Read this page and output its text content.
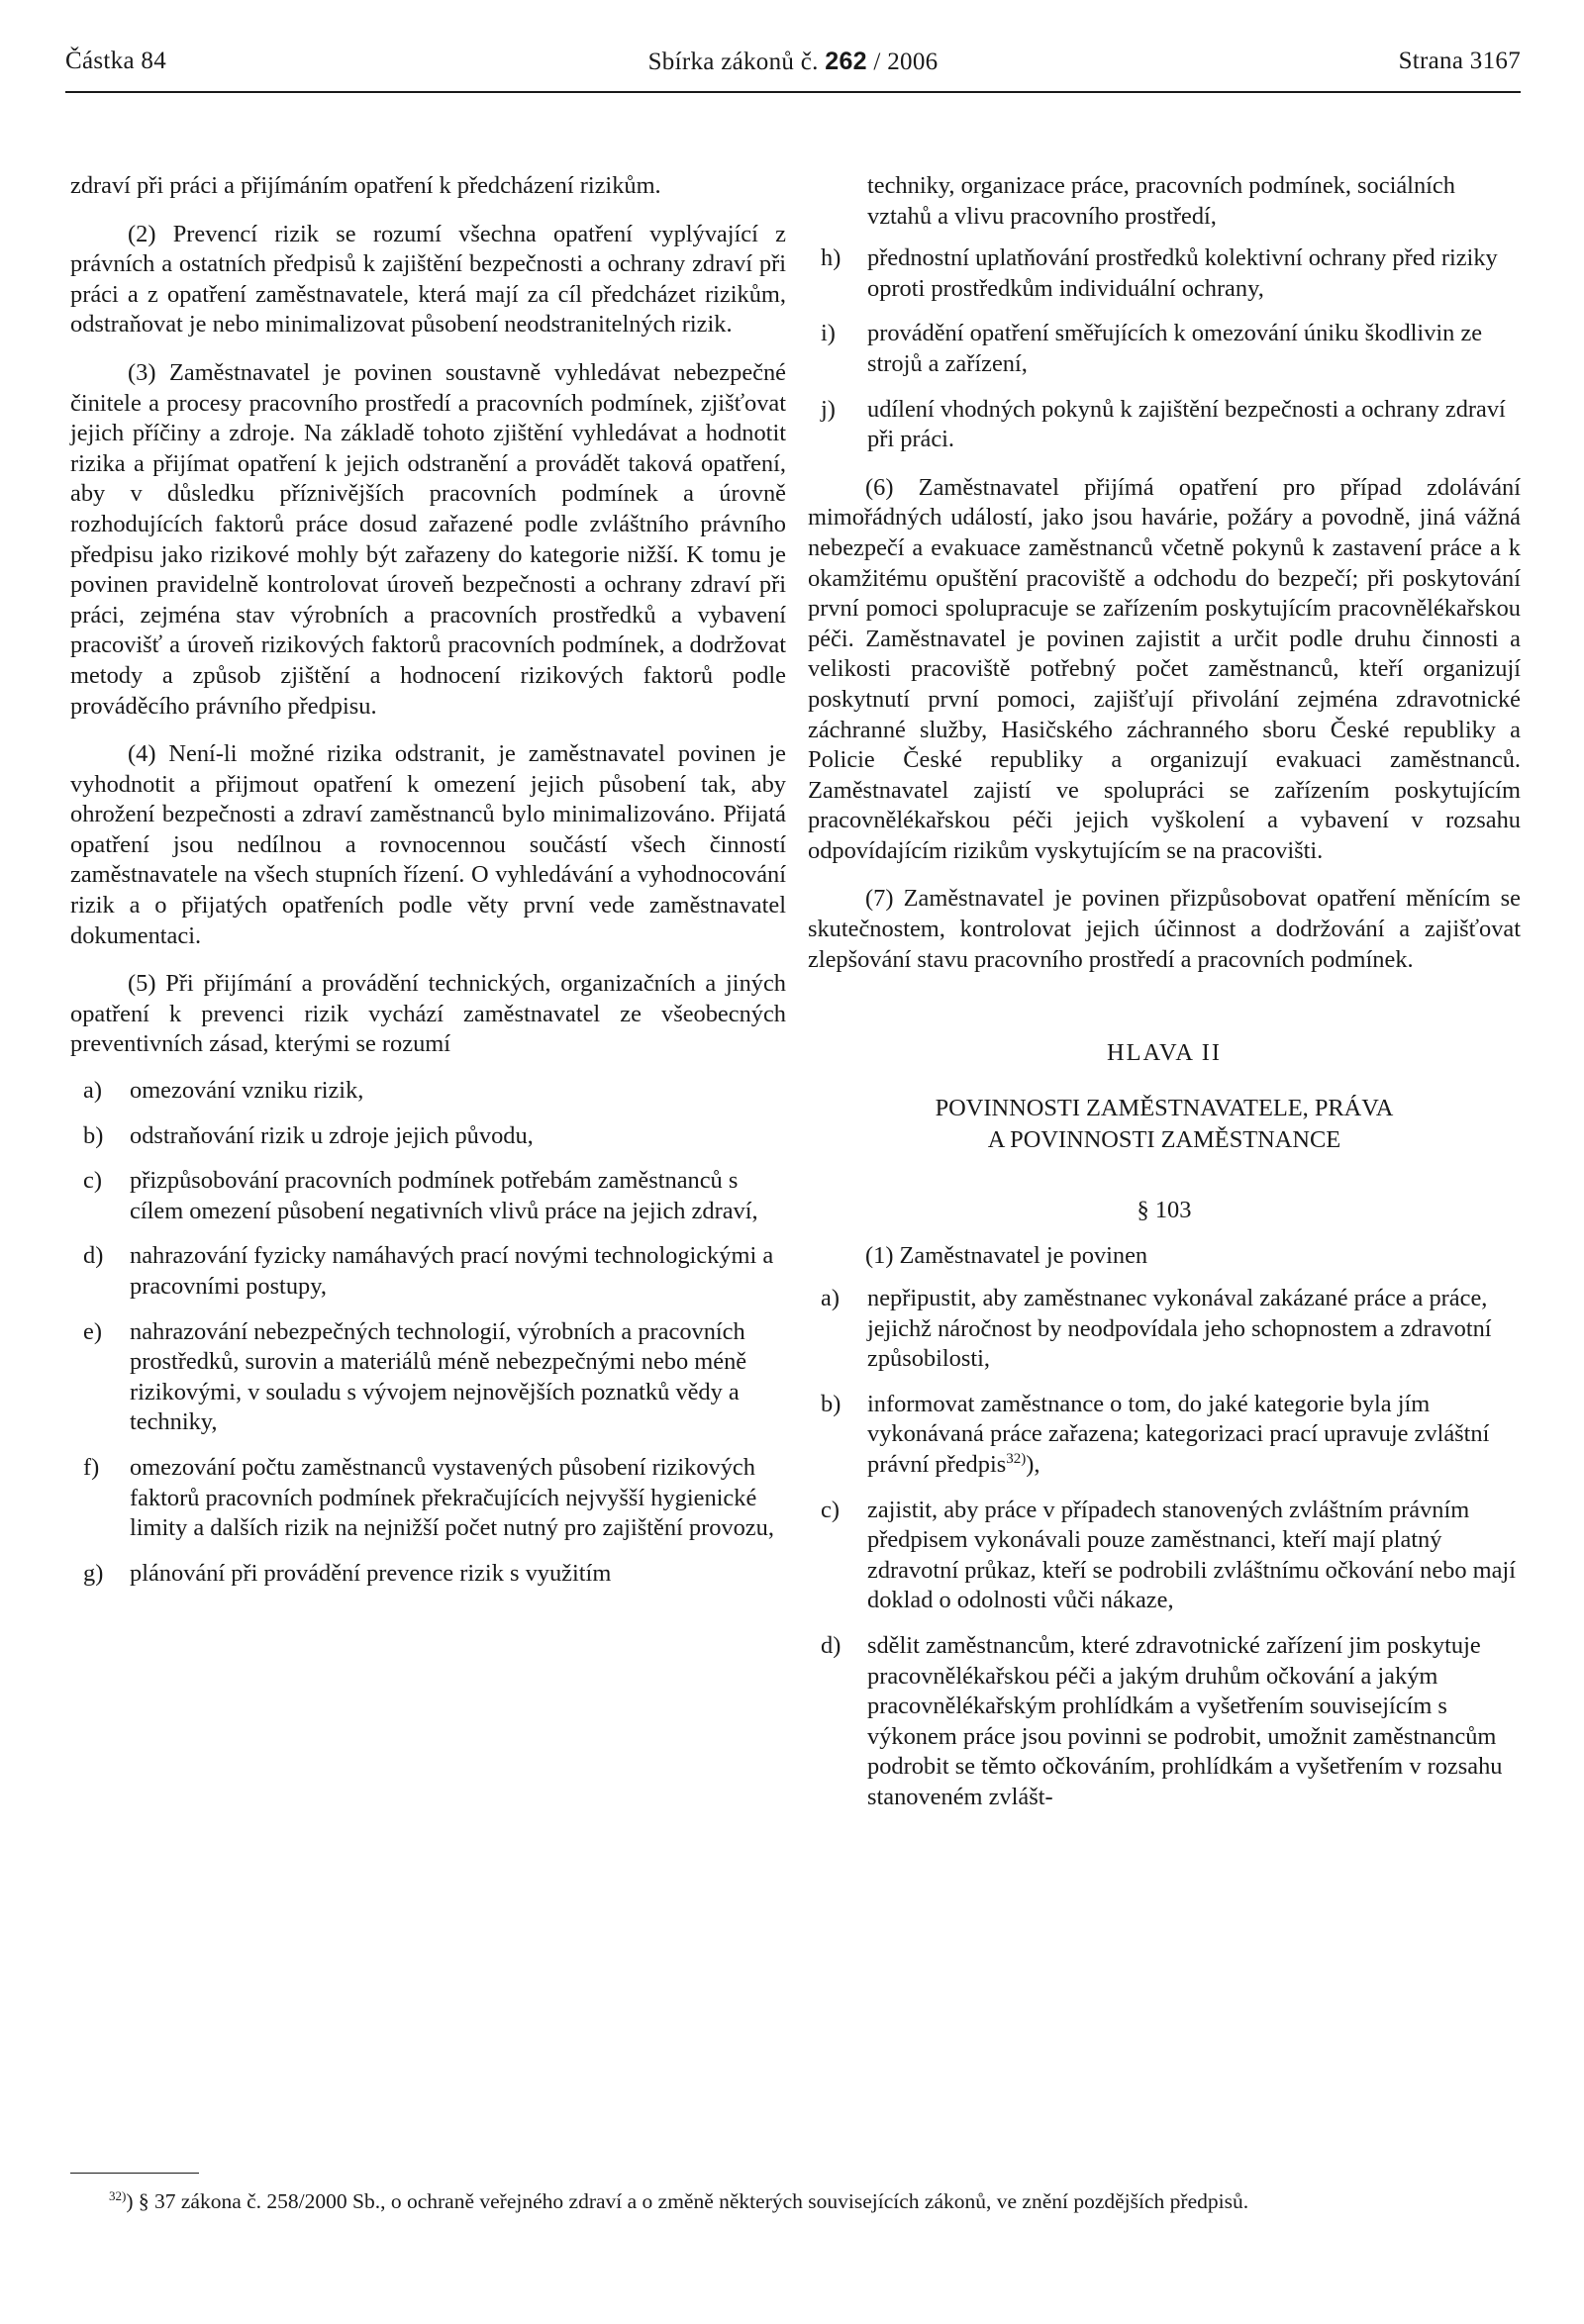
Částka 84	Sbírka zákonů č. 262 / 2006	Strana 3167

zdraví při práci a přijímáním opatření k předcházení rizikům.

(2) Prevencí rizik se rozumí všechna opatření vyplývající z právních a ostatních předpisů k zajištění bezpečnosti a ochrany zdraví při práci a z opatření zaměstnavatele, která mají za cíl předcházet rizikům, odstraňovat je nebo minimalizovat působení neodstranitelných rizik.

(3) Zaměstnavatel je povinen soustavně vyhledávat nebezpečné činitele a procesy pracovního prostředí a pracovních podmínek, zjišťovat jejich příčiny a zdroje. Na základě tohoto zjištění vyhledávat a hodnotit rizika a přijímat opatření k jejich odstranění a provádět taková opatření, aby v důsledku příznivějších pracovních podmínek a úrovně rozhodujících faktorů práce dosud zařazené podle zvláštního právního předpisu jako rizikové mohly být zařazeny do kategorie nižší. K tomu je povinen pravidelně kontrolovat úroveň bezpečnosti a ochrany zdraví při práci, zejména stav výrobních a pracovních prostředků a vybavení pracovišť a úroveň rizikových faktorů pracovních podmínek, a dodržovat metody a způsob zjištění a hodnocení rizikových faktorů podle prováděcího právního předpisu.

(4) Není-li možné rizika odstranit, je zaměstnavatel povinen je vyhodnotit a přijmout opatření k omezení jejich působení tak, aby ohrožení bezpečnosti a zdraví zaměstnanců bylo minimalizováno. Přijatá opatření jsou nedílnou a rovnocennou součástí všech činností zaměstnavatele na všech stupních řízení. O vyhledávání a vyhodnocování rizik a o přijatých opatřeních podle věty první vede zaměstnavatel dokumentaci.

(5) Při přijímání a provádění technických, organizačních a jiných opatření k prevenci rizik vychází zaměstnavatel ze všeobecných preventivních zásad, kterými se rozumí

a)	omezování vzniku rizik,
b)	odstraňování rizik u zdroje jejich původu,
c)	přizpůsobování pracovních podmínek potřebám zaměstnanců s cílem omezení působení negativních vlivů práce na jejich zdraví,
d)	nahrazování fyzicky namáhavých prací novými technologickými a pracovními postupy,
e)	nahrazování nebezpečných technologií, výrobních a pracovních prostředků, surovin a materiálů méně nebezpečnými nebo méně rizikovými, v souladu s vývojem nejnovějších poznatků vědy a techniky,
f)	omezování počtu zaměstnanců vystavených působení rizikových faktorů pracovních podmínek překračujících nejvyšší hygienické limity a dalších rizik na nejnižší počet nutný pro zajištění provozu,
g)	plánování při provádění prevence rizik s využitím
techniky, organizace práce, pracovních podmínek, sociálních vztahů a vlivu pracovního prostředí,
h)	přednostní uplatňování prostředků kolektivní ochrany před riziky oproti prostředkům individuální ochrany,
i)	provádění opatření směřujících k omezování úniku škodlivin ze strojů a zařízení,
j)	udílení vhodných pokynů k zajištění bezpečnosti a ochrany zdraví při práci.

(6) Zaměstnavatel přijímá opatření pro případ zdolávání mimořádných událostí, jako jsou havárie, požáry a povodně, jiná vážná nebezpečí a evakuace zaměstnanců včetně pokynů k zastavení práce a k okamžitému opuštění pracoviště a odchodu do bezpečí; při poskytování první pomoci spolupracuje se zařízením poskytujícím pracovnělékařskou péči. Zaměstnavatel je povinen zajistit a určit podle druhu činnosti a velikosti pracoviště potřebný počet zaměstnanců, kteří organizují poskytnutí první pomoci, zajišťují přivolání zejména zdravotnické záchranné služby, Hasičského záchranného sboru České republiky a Policie České republiky a organizují evakuaci zaměstnanců. Zaměstnavatel zajistí ve spolupráci se zařízením poskytujícím pracovnělékařskou péči jejich vyškolení a vybavení v rozsahu odpovídajícím rizikům vyskytujícím se na pracovišti.

(7) Zaměstnavatel je povinen přizpůsobovat opatření měnícím se skutečnostem, kontrolovat jejich účinnost a dodržování a zajišťovat zlepšování stavu pracovního prostředí a pracovních podmínek.

HLAVA II

POVINNOSTI ZAMĚSTNAVATELE, PRÁVA
A POVINNOSTI ZAMĚSTNANCE

§ 103

(1) Zaměstnavatel je povinen

a)	nepřipustit, aby zaměstnanec vykonával zakázané práce a práce, jejichž náročnost by neodpovídala jeho schopnostem a zdravotní způsobilosti,
b)	informovat zaměstnance o tom, do jaké kategorie byla jím vykonávaná práce zařazena; kategorizaci prací upravuje zvláštní právní předpis$^{32)}$),
c)	zajistit, aby práce v případech stanovených zvláštním právním předpisem vykonávali pouze zaměstnanci, kteří mají platný zdravotní průkaz, kteří se podrobili zvláštnímu očkování nebo mají doklad o odolnosti vůči nákaze,
d)	sdělit zaměstnancům, které zdravotnické zařízení jim poskytuje pracovnělékařskou péči a jakým druhům očkování a jakým pracovnělékařským prohlídkám a vyšetřením souvisejícím s výkonem práce jsou povinni se podrobit, umožnit zaměstnancům podrobit se těmto očkováním, prohlídkám a vyšetřením v rozsahu stanoveném zvlášt-
$^{32)}$) § 37 zákona č. 258/2000 Sb., o ochraně veřejného zdraví a o změně některých souvisejících zákonů, ve znění pozdějších předpisů.
